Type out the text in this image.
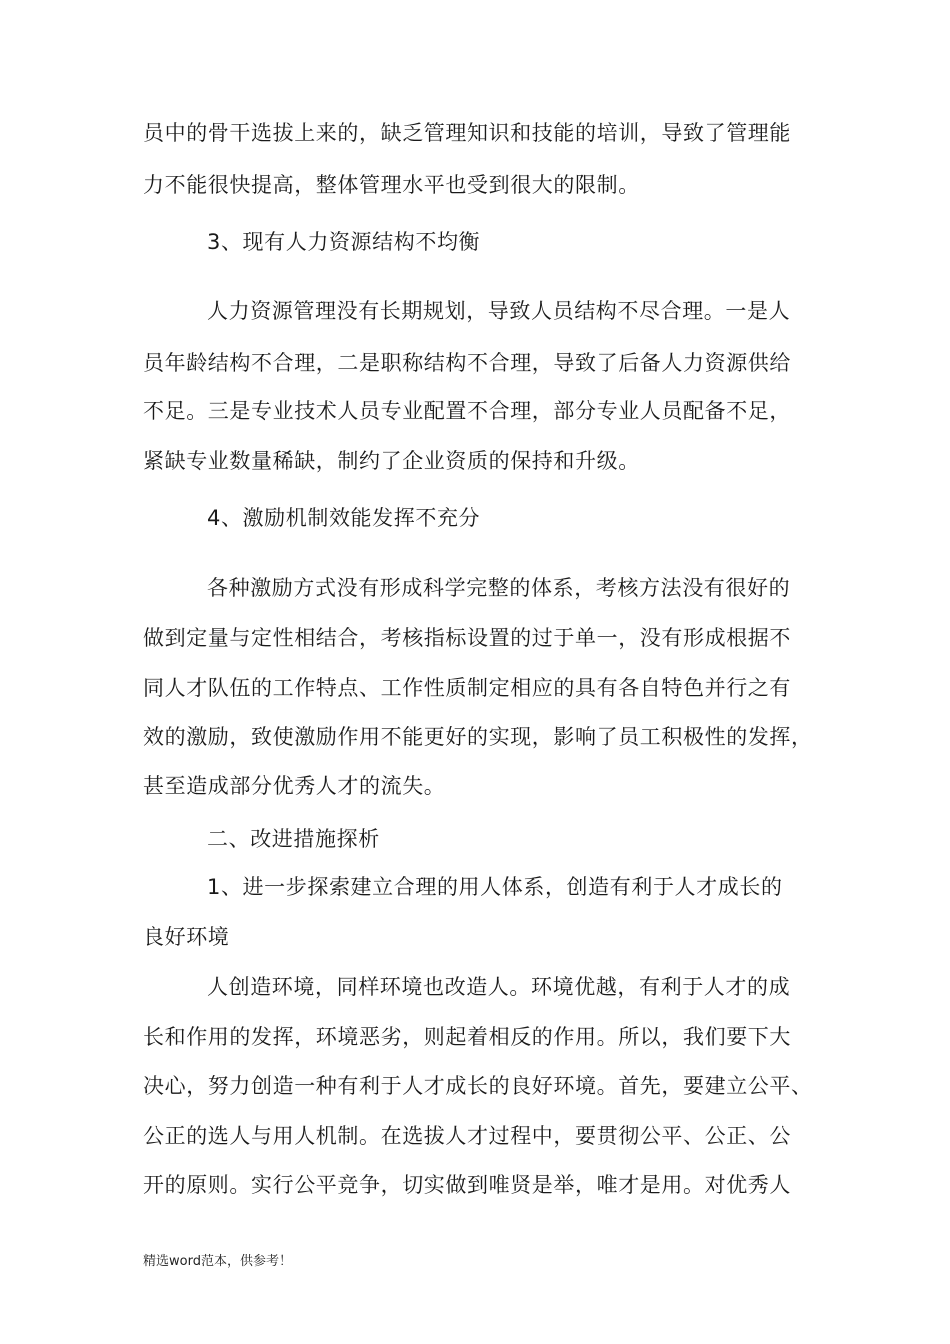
员中的骨干选拔上来的，缺乏管理知识和技能的培训，导致了管理能
力不能很快提高，整体管理水平也受到很大的限制。
3、现有人力资源结构不均衡
人力资源管理没有长期规划，导致人员结构不尽合理。一是人
员年龄结构不合理，二是职称结构不合理，导致了后备人力资源供给
不足。三是专业技术人员专业配置不合理，部分专业人员配备不足，
紧缺专业数量稀缺，制约了企业资质的保持和升级。
4、激励机制效能发挥不充分
各种激励方式没有形成科学完整的体系，考核方法没有很好的
做到定量与定性相结合，考核指标设置的过于单一，没有形成根据不
同人才队伍的工作特点、工作性质制定相应的具有各自特色并行之有
效的激励，致使激励作用不能更好的实现，影响了员工积极性的发挥，
甚至造成部分优秀人才的流失。
二、改进措施探析
1、进一步探索建立合理的用人体系，创造有利于人才成长的
良好环境
人创造环境，同样环境也改造人。环境优越，有利于人才的成
长和作用的发挥，环境恶劣，则起着相反的作用。所以，我们要下大
决心，努力创造一种有利于人才成长的良好环境。首先，要建立公平、
公正的选人与用人机制。在选拔人才过程中，要贯彻公平、公正、公
开的原则。实行公平竞争，切实做到唯贤是举，唯才是用。对优秀人
精选word范本，供参考！
